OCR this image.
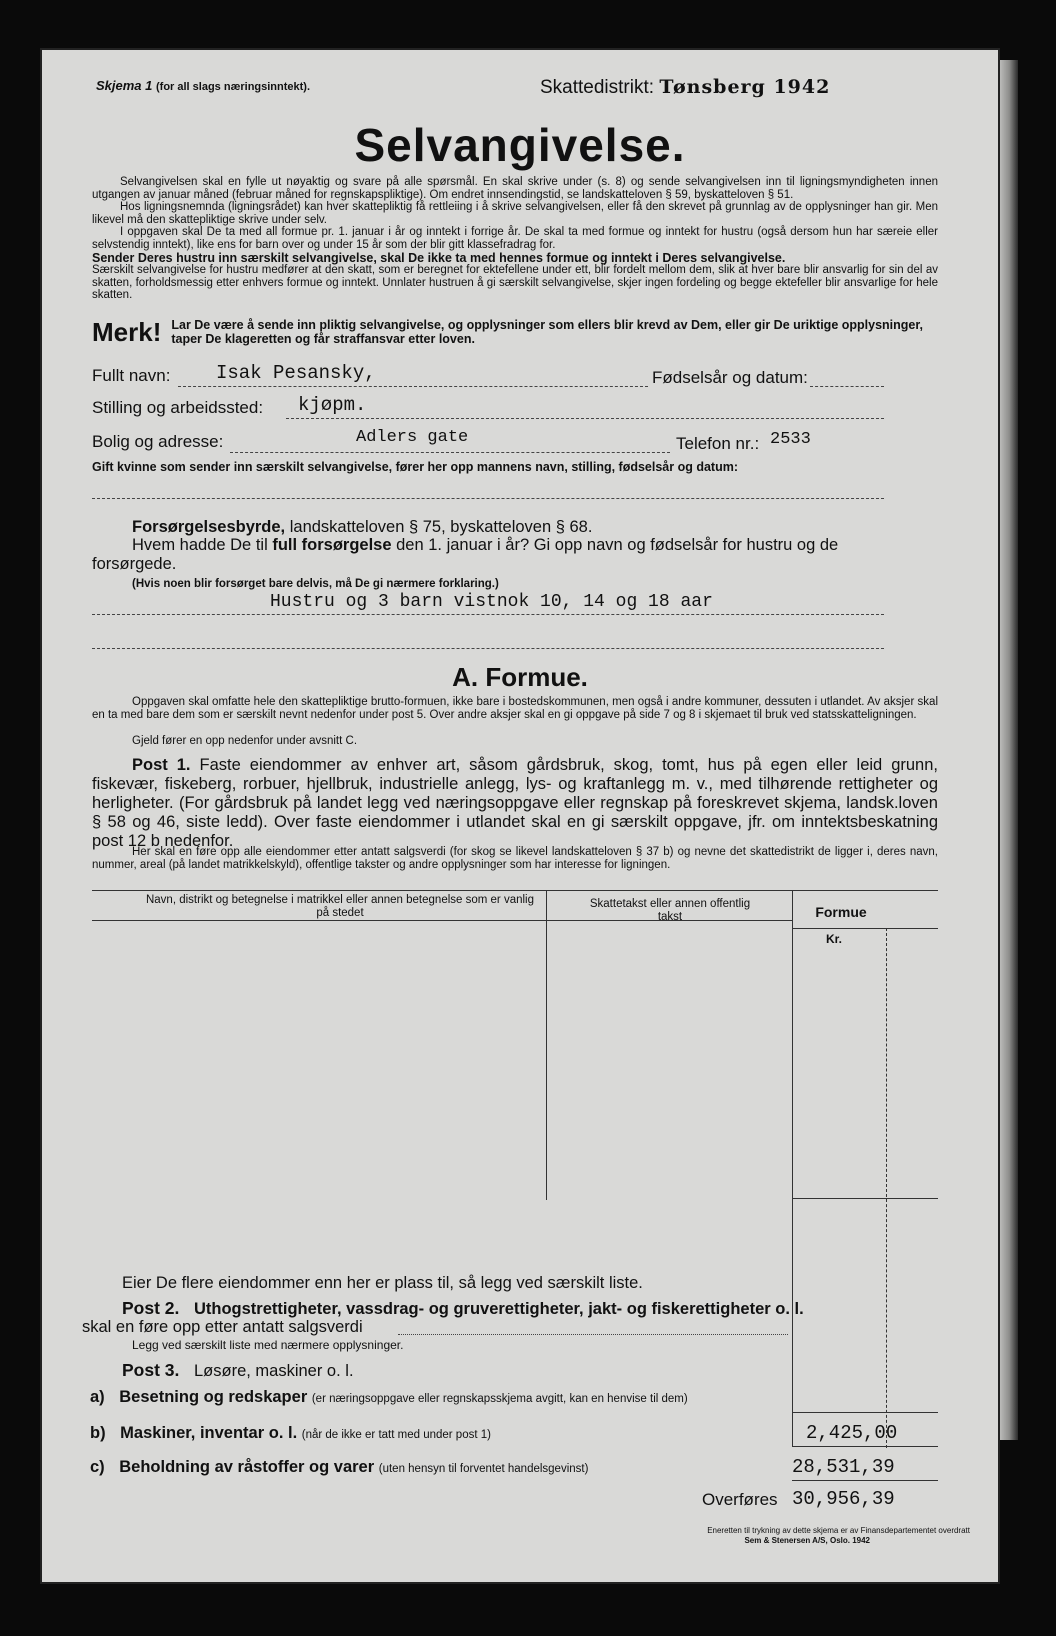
Skjema 1 (for all slags næringsinntekt).	Skattedistrikt: Tønsberg 1942
Selvangivelse.

Selvangivelsen skal en fylle ut nøyaktig og svare på alle spørsmål. En skal skrive under (s. 8) og sende selvangivelsen inn til ligningsmyndigheten innen utgangen av januar måned (februar måned for regnskapspliktige). Om endret innsendingstid, se landskatteloven § 59, byskatteloven § 51.

Hos ligningsnemnda (ligningsrådet) kan hver skattepliktig få rettleiing i å skrive selvangivelsen, eller få den skrevet på grunnlag av de opplysninger han gir. Men likevel må den skattepliktige skrive under selv.

I oppgaven skal De ta med all formue pr. 1. januar i år og inntekt i forrige år. De skal ta med formue og inntekt for hustru (også dersom hun har særeie eller selvstendig inntekt), like ens for barn over og under 15 år som der blir gitt klassefradrag for.

Sender Deres hustru inn særskilt selvangivelse, skal De ikke ta med hennes formue og inntekt i Deres selvangivelse.

Særskilt selvangivelse for hustru medfører at den skatt, som er beregnet for ektefellene under ett, blir fordelt mellom dem, slik at hver bare blir ansvarlig for sin del av skatten, forholdsmessig etter enhvers formue og inntekt. Unnlater hustruen å gi særskilt selvangivelse, skjer ingen fordeling og begge ektefeller blir ansvarlige for hele skatten.

Merk! Lar De være å sende inn pliktig selvangivelse, og opplysninger som ellers blir krevd av Dem, eller gir De uriktige opplysninger, taper De klageretten og får straffansvar etter loven.
Fullt navn: Isak Pesansky,	Fødselsår og datum:
Stilling og arbeidssted: kjøpm.
Bolig og adresse:	Adlers gate	Telefon nr.: 2533
Gift kvinne som sender inn særskilt selvangivelse, fører her opp mannens navn, stilling, fødselsår og datum:
Forsørgelsesbyrde, landskatteloven § 75, byskatteloven § 68.
Hvem hadde De til full forsørgelse den 1. januar i år? Gi opp navn og fødselsår for hustru og de forsørgede.
(Hvis noen blir forsørget bare delvis, må De gi nærmere forklaring.)
Hustru og 3 barn vistnok 10, 14 og 18 aar
A. Formue.
Oppgaven skal omfatte hele den skattepliktige brutto-formuen, ikke bare i bostedskommunen, men også i andre kommuner, dessuten i utlandet. Av aksjer skal en ta med bare dem som er særskilt nevnt nedenfor under post 5. Over andre aksjer skal en gi oppgave på side 7 og 8 i skjemaet til bruk ved statsskatteligningen.
Gjeld fører en opp nedenfor under avsnitt C.
Post 1. Faste eiendommer av enhver art, såsom gårdsbruk, skog, tomt, hus på egen eller leid grunn, fiskevær, fiskeberg, rorbuer, hjellbruk, industrielle anlegg, lys- og kraftanlegg m. v., med tilhørende rettigheter og herligheter. (For gårdsbruk på landet legg ved næringsoppgave eller regnskap på foreskrevet skjema, landsk.loven § 58 og 46, siste ledd). Over faste eiendommer i utlandet skal en gi særskilt oppgave, jfr. om inntektsbeskatning post 12 b nedenfor.
Her skal en føre opp alle eiendommer etter antatt salgsverdi (for skog se likevel landskatteloven § 37 b) og nevne det skattedistrikt de ligger i, deres navn, nummer, areal (på landet matrikkelskyld), offentlige takster og andre opplysninger som har interesse for ligningen.
Navn, distrikt og betegnelse i matrikkel eller annen betegnelse som er vanlig på stedet
Skattetakst eller annen offentlig takst	Formue
Kr.
Eier De flere eiendommer enn her er plass til, så legg ved særskilt liste.
Post 2. Uthogstrettigheter, vassdrag- og gruverettigheter, jakt- og fiskerettigheter o. l.
skal en føre opp etter antatt salgsverdi
Legg ved særskilt liste med nærmere opplysninger.
Post 3. Løsøre, maskiner o. l.
a) Besetning og redskaper (er næringsoppgave eller regnskapsskjema avgitt, kan en henvise til dem)
b) Maskiner, inventar o. l. (når de ikke er tatt med under post 1)	2,425,00
c) Beholdning av råstoffer og varer (uten hensyn til forventet handelsgevinst)	28,531,39
Overføres 30,956,39
Eneretten til trykning av dette skjema er av Finansdepartementet overdratt
Sem & Stenersen A/S, Oslo. 1942
